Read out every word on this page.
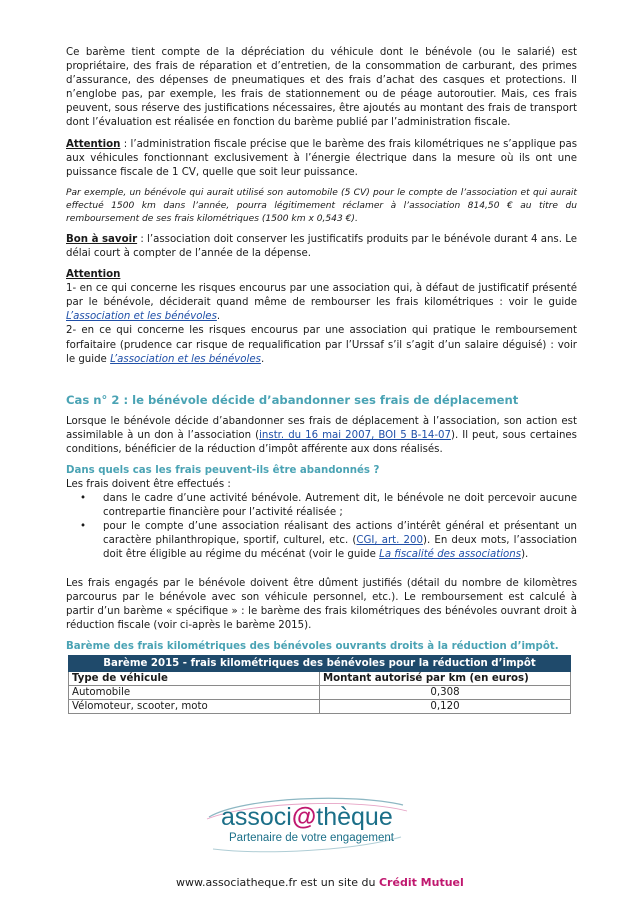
Ce barème tient compte de la dépréciation du véhicule dont le bénévole (ou le salarié) est propriétaire, des frais de réparation et d’entretien, de la consommation de carburant, des primes d’assurance, des dépenses de pneumatiques et des frais d’achat des casques et protections. Il n’englobe pas, par exemple, les frais de stationnement ou de péage autoroutier. Mais, ces frais peuvent, sous réserve des justifications nécessaires, être ajoutés au montant des frais de transport dont l’évaluation est réalisée en fonction du barème publié par l’administration fiscale.

Attention : l’administration fiscale précise que le barème des frais kilométriques ne s’applique pas aux véhicules fonctionnant exclusivement à l’énergie électrique dans la mesure où ils ont une puissance fiscale de 1 CV, quelle que soit leur puissance.

Par exemple, un bénévole qui aurait utilisé son automobile (5 CV) pour le compte de l’association et qui aurait effectué 1500 km dans l’année, pourra légitimement réclamer à l’association 814,50 € au titre du remboursement de ses frais kilométriques (1500 km x 0,543 €).

Bon à savoir : l’association doit conserver les justificatifs produits par le bénévole durant 4 ans. Le délai court à compter de l’année de la dépense.

Attention

1- en ce qui concerne les risques encourus par une association qui, à défaut de justificatif présenté par le bénévole, déciderait quand même de rembourser les frais kilométriques : voir le guide L’association et les bénévoles.

2- en ce qui concerne les risques encourus par une association qui pratique le remboursement forfaitaire (prudence car risque de requalification par l’Urssaf s’il s’agit d’un salaire déguisé) : voir le guide L’association et les bénévoles.

Cas n° 2 : le bénévole décide d’abandonner ses frais de déplacement

Lorsque le bénévole décide d’abandonner ses frais de déplacement à l’association, son action est assimilable à un don à l’association (instr. du 16 mai 2007, BOI 5 B-14-07). Il peut, sous certaines conditions, bénéficier de la réduction d’impôt afférente aux dons réalisés.

Dans quels cas les frais peuvent-ils être abandonnés ?

Les frais doivent être effectués :

• dans le cadre d’une activité bénévole. Autrement dit, le bénévole ne doit percevoir aucune contrepartie financière pour l’activité réalisée ;
• pour le compte d’une association réalisant des actions d’intérêt général et présentant un caractère philanthropique, sportif, culturel, etc. (CGI, art. 200). En deux mots, l’association doit être éligible au régime du mécénat (voir le guide La fiscalité des associations).

Les frais engagés par le bénévole doivent être dûment justifiés (détail du nombre de kilomètres parcourus par le bénévole avec son véhicule personnel, etc.). Le remboursement est calculé à partir d’un barème « spécifique » : le barème des frais kilométriques des bénévoles ouvrant droit à réduction fiscale (voir ci-après le barème 2015).

Barème des frais kilométriques des bénévoles ouvrants droits à la réduction d’impôt.

Barème 2015 - frais kilométriques des bénévoles pour la réduction d’impôt	
Type de véhicule	Montant autorisé par km (en euros)
Automobile	0,308
Vélomoteur, scooter, moto	0,120
associ@thèque
Partenaire de votre engagement
www.associatheque.fr est un site du Crédit Mutuel
